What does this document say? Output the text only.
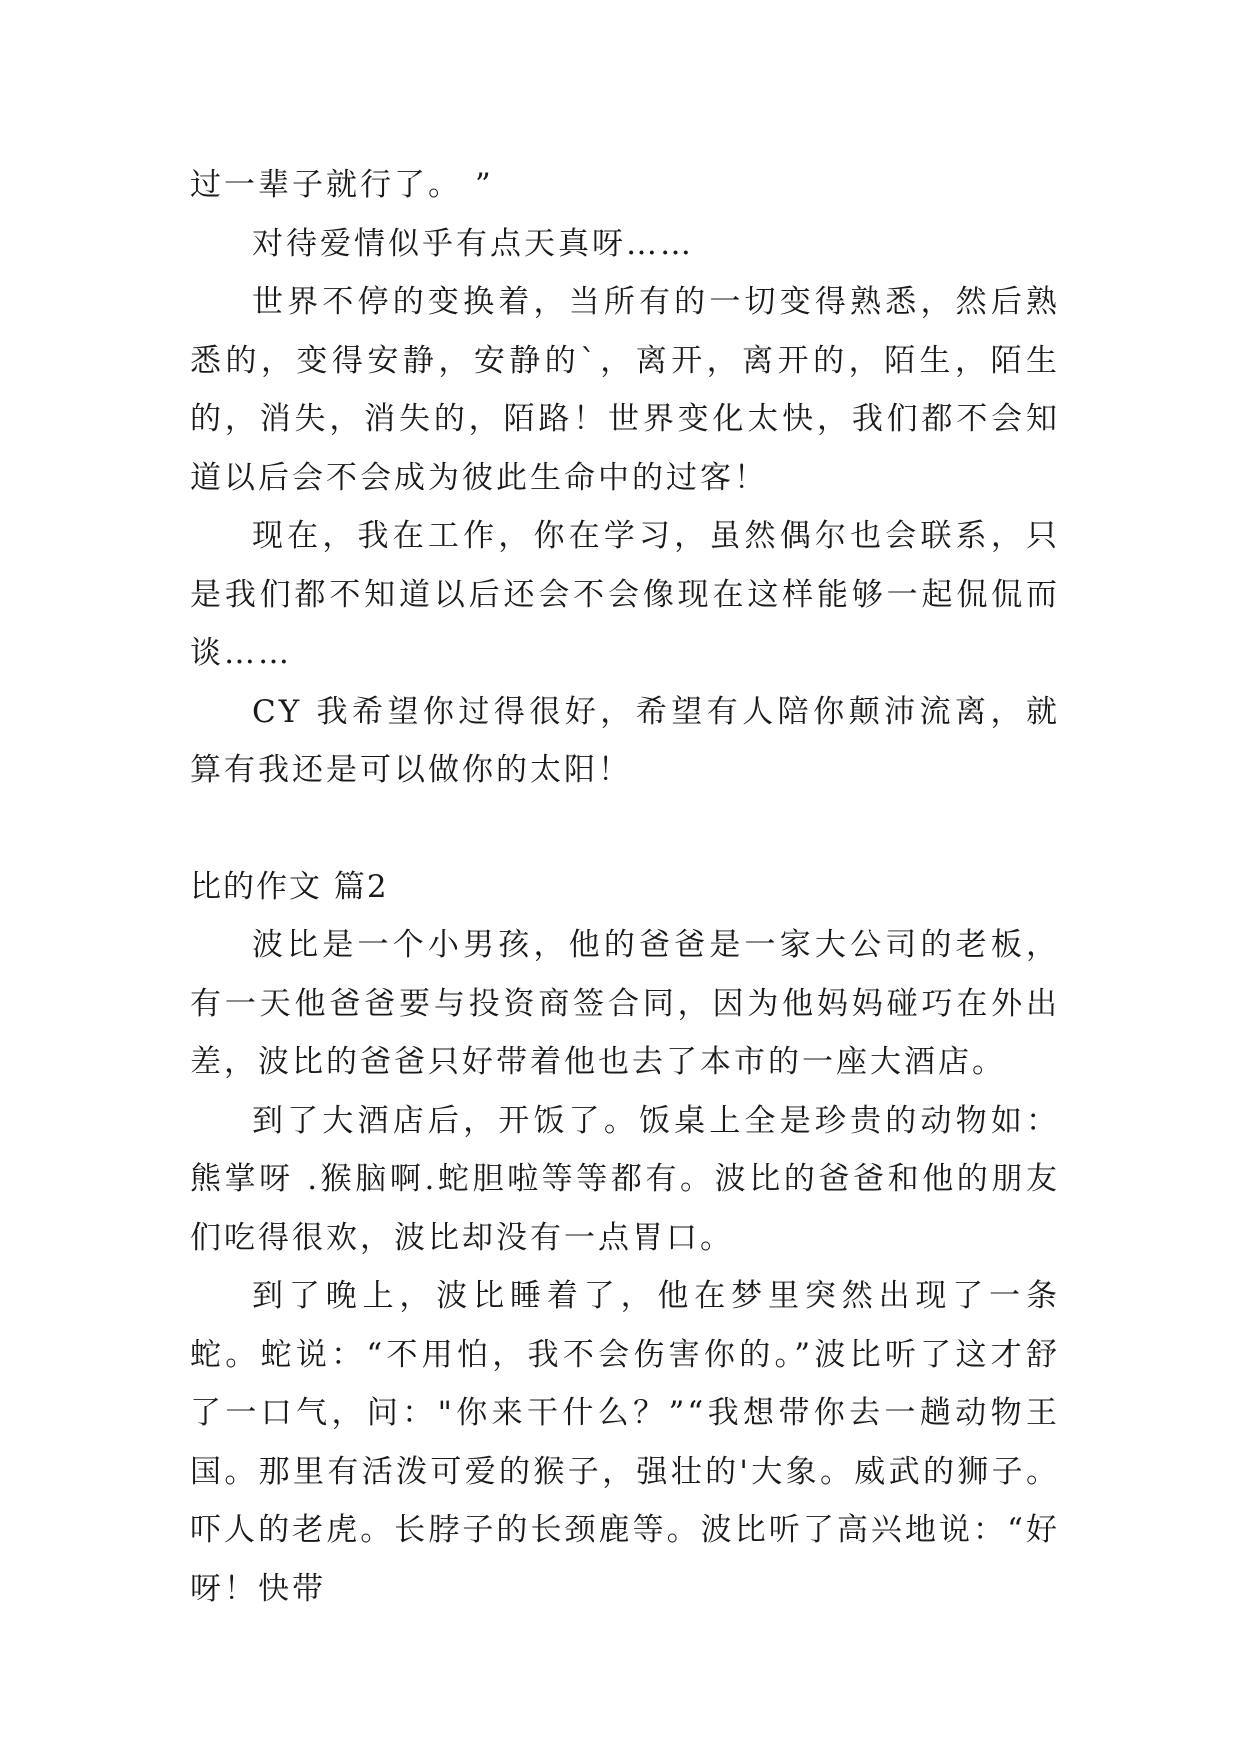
过一辈子就行了。 ”

对待爱情似乎有点天真呀……

世界不停的变换着，当所有的一切变得熟悉，然后熟悉的，变得安静，安静的`，离开，离开的，陌生，陌生的，消失，消失的，陌路！世界变化太快，我们都不会知道以后会不会成为彼此生命中的过客！

现在，我在工作，你在学习，虽然偶尔也会联系，只是我们都不知道以后还会不会像现在这样能够一起侃侃而谈……

CY 我希望你过得很好，希望有人陪你颠沛流离，就算有我还是可以做你的太阳！

比的作文 篇2

波比是一个小男孩，他的爸爸是一家大公司的老板，有一天他爸爸要与投资商签合同，因为他妈妈碰巧在外出差，波比的爸爸只好带着他也去了本市的一座大酒店。

到了大酒店后，开饭了。饭桌上全是珍贵的动物如：熊掌呀 .猴脑啊.蛇胆啦等等都有。波比的爸爸和他的朋友们吃得很欢，波比却没有一点胃口。

到了晚上，波比睡着了，他在梦里突然出现了一条蛇。蛇说：“不用怕，我不会伤害你的。”波比听了这才舒了一口气，问："你来干什么？”“我想带你去一趟动物王国。那里有活泼可爱的猴子，强壮的'大象。威武的狮子。吓人的老虎。长脖子的长颈鹿等。波比听了高兴地说：“好呀！快带
